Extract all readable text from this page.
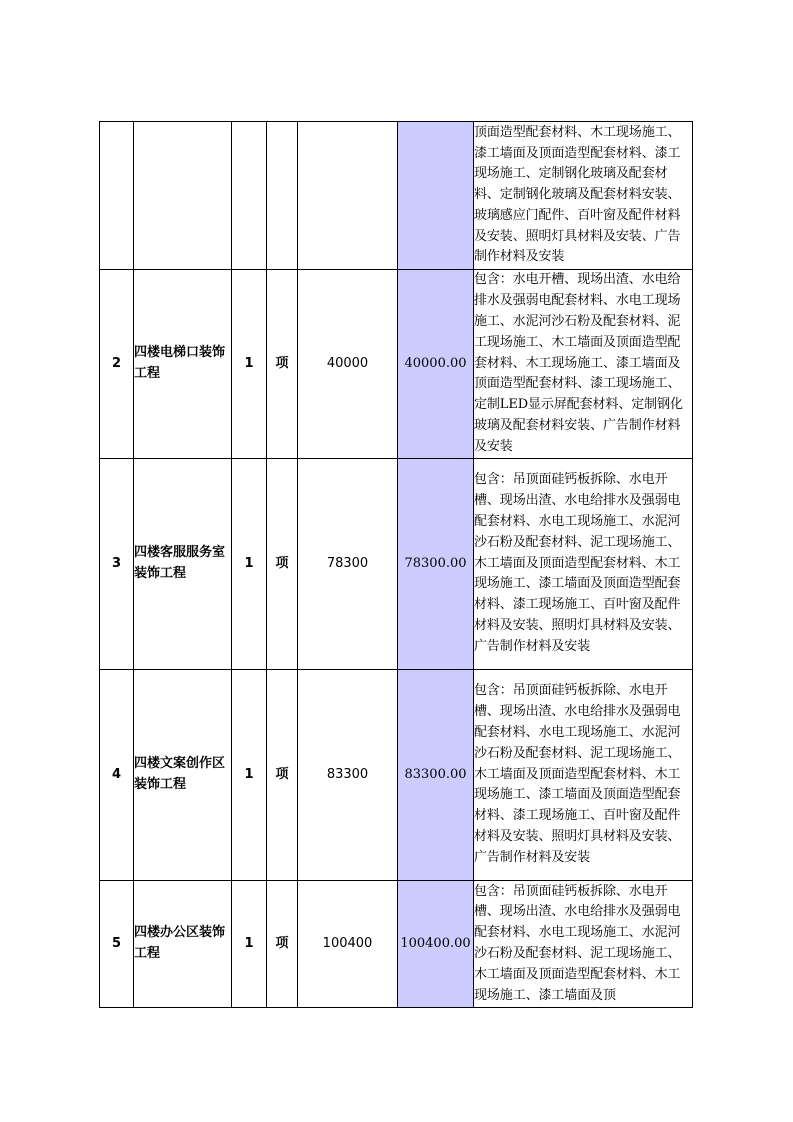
						顶面造型配套材料、木工现场施工、漆工墙面及顶面造型配套材料、漆工现场施工、定制钢化玻璃及配套材料、定制钢化玻璃及配套材料安装、玻璃感应门配件、百叶窗及配件材料及安装、照明灯具材料及安装、广告制作材料及安装
2	四楼电梯口装饰工程	1	项	40000	40000.00	包含：水电开槽、现场出渣、水电给排水及强弱电配套材料、水电工现场施工、水泥河沙石粉及配套材料、泥工现场施工、木工墙面及顶面造型配套材料、木工现场施工、漆工墙面及顶面造型配套材料、漆工现场施工、定制LED显示屏配套材料、定制钢化玻璃及配套材料安装、广告制作材料及安装
3	四楼客服服务室装饰工程	1	项	78300	78300.00	包含：吊顶面硅钙板拆除、水电开槽、现场出渣、水电给排水及强弱电配套材料、水电工现场施工、水泥河沙石粉及配套材料、泥工现场施工、木工墙面及顶面造型配套材料、木工现场施工、漆工墙面及顶面造型配套材料、漆工现场施工、百叶窗及配件材料及安装、照明灯具材料及安装、广告制作材料及安装
4	四楼文案创作区装饰工程	1	项	83300	83300.00	包含：吊顶面硅钙板拆除、水电开槽、现场出渣、水电给排水及强弱电配套材料、水电工现场施工、水泥河沙石粉及配套材料、泥工现场施工、木工墙面及顶面造型配套材料、木工现场施工、漆工墙面及顶面造型配套材料、漆工现场施工、百叶窗及配件材料及安装、照明灯具材料及安装、广告制作材料及安装
5	四楼办公区装饰工程	1	项	100400	100400.00	包含：吊顶面硅钙板拆除、水电开槽、现场出渣、水电给排水及强弱电配套材料、水电工现场施工、水泥河沙石粉及配套材料、泥工现场施工、木工墙面及顶面造型配套材料、木工现场施工、漆工墙面及顶
